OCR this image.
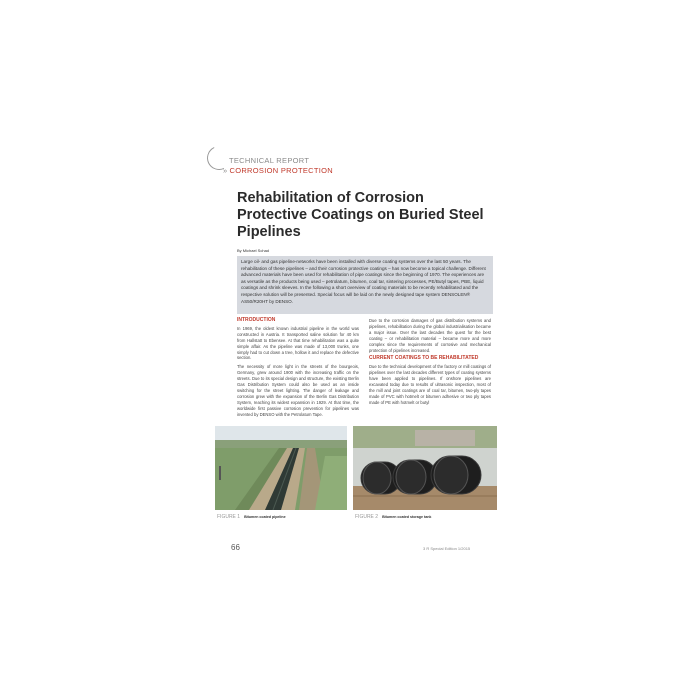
TECHNICAL REPORT
» CORROSION PROTECTION
Rehabilitation of Corrosion Protective Coatings on Buried Steel Pipelines
By Michael Schad
Large oil- and gas pipeline-networks have been installed with diverse coating systems over the last 50 years. The rehabilitation of these pipelines – and their corrosion protective coatings – has now become a topical challenge. Different advanced materials have been used for rehabilitation of pipe coatings since the beginning of 1970. The experiences are as versatile as the products being used – petrolatum, bitumen, coal tar, sintering processes, PE/Butyl tapes, PBE, liquid coatings and shrink sleeves. In the following a short overview of coating materials to be recently rehabilitated and the respective solution will be presented. Special focus will be laid on the newly designed tape system DENSOLEN® AS50/R20HT by DENSO.
INTRODUCTION

In 1969, the oldest known industrial pipeline in the world was constructed in Austria. It transported saline solution for 40 km from Hallstatt to Ebensee. At that time rehabilitation was a quite simple affair. As the pipeline was made of 13,000 trunks, one simply had to cut down a tree, hollow it and replace the defective section.

The necessity of more light in the streets of the bourgeois, Germany, grew around 1900 with the increasing traffic on the streets. Due to its special design and structure, the existing Berlin Gas Distribution System could also be used as an inside switching for the street lighting. The danger of leakage and corrosion grew with the expansion of the Berlin Gas Distribution System, reaching its widest expansion in 1929. At that time, the worldwide first passive corrosion prevention for pipelines was invented by DENSO with the Petrolatum Tape.

Due to the corrosion damages of gas distribution systems and pipelines, rehabilitation during the global industrialisation became a major issue. Over the last decades the quest for the best coating – or rehabilitation material – became more and more complex since the requirements of corrosive and mechanical protection of pipelines increased.

CURRENT COATINGS TO BE REHABILITATED

Due to the technical development of the factory or mill coatings of pipelines over the last decades different types of coating systems have been applied to pipelines. If onshore pipelines are excavated today due to results of ultrasonic inspection, most of the mill and joint coatings are of coal tar, bitumen, two-ply tapes made of PVC with hotmelt or bitumen adhesive or two ply tapes made of PE with hotmelt or butyl

FIGURE 1 Bitumen coated pipeline	FIGURE 2 Bitumen coated storage tank
66	3 R Special Edition 1/2015
